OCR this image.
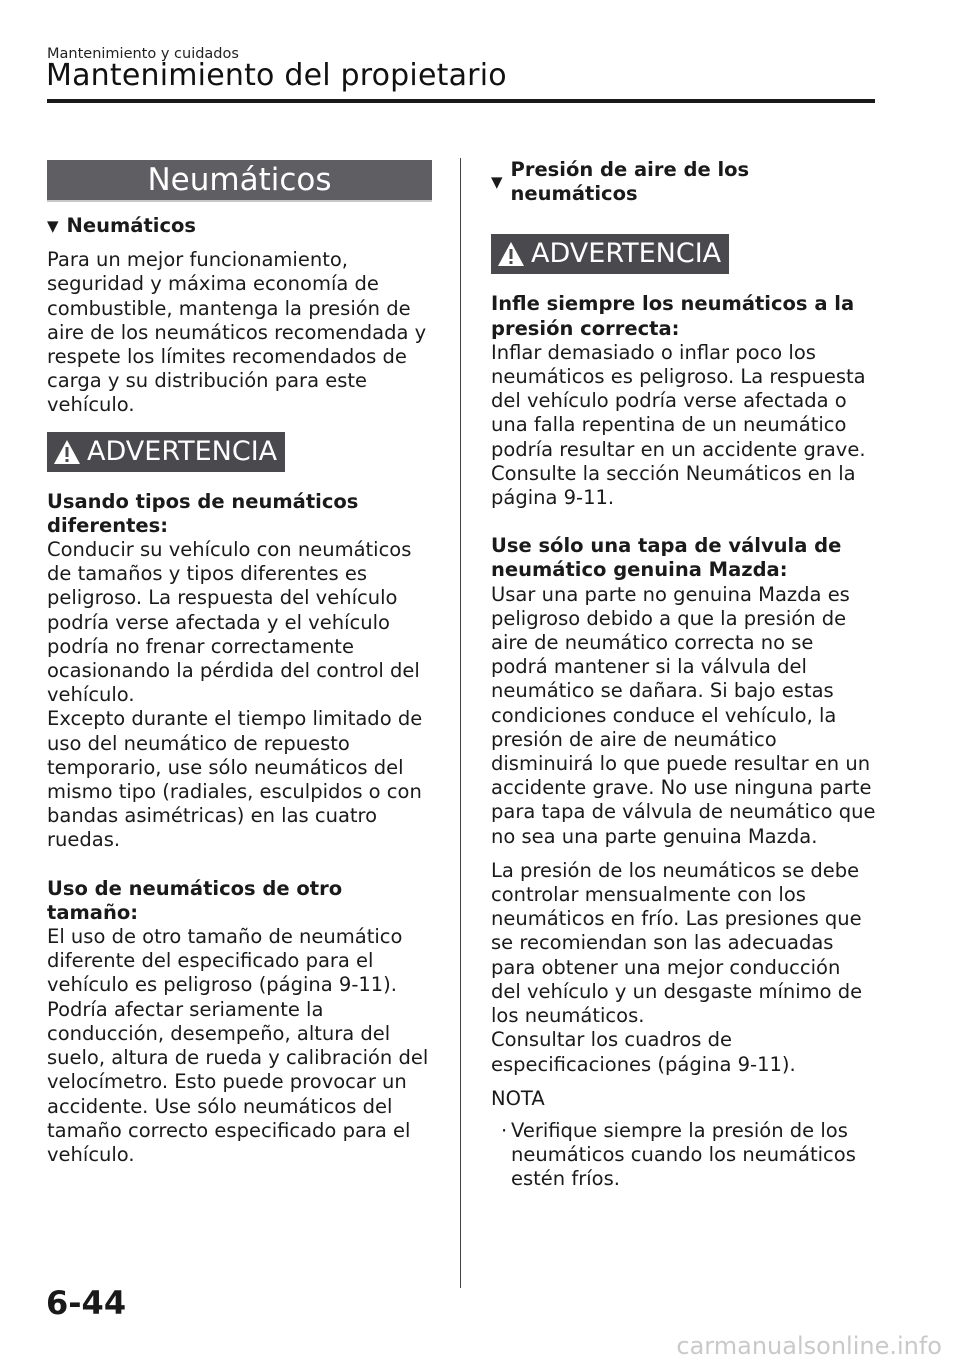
Mantenimiento y cuidados
Mantenimiento del propietario
Neumáticos
▼ Neumáticos

Para un mejor funcionamiento, seguridad y máxima economía de combustible, mantenga la presión de aire de los neumáticos recomendada y respete los límites recomendados de carga y su distribución para este vehículo.

ADVERTENCIA

Usando tipos de neumáticos diferentes:

Conducir su vehículo con neumáticos de tamaños y tipos diferentes es peligroso. La respuesta del vehículo podría verse afectada y el vehículo podría no frenar correctamente ocasionando la pérdida del control del vehículo.

Excepto durante el tiempo limitado de uso del neumático de repuesto temporario, use sólo neumáticos del mismo tipo (radiales, esculpidos o con bandas asimétricas) en las cuatro ruedas.

Uso de neumáticos de otro tamaño:

El uso de otro tamaño de neumático diferente del especificado para el vehículo es peligroso (página 9-11). Podría afectar seriamente la conducción, desempeño, altura del suelo, altura de rueda y calibración del velocímetro. Esto puede provocar un accidente. Use sólo neumáticos del tamaño correcto especificado para el vehículo.

▼
Presión de aire de los neumáticos
ADVERTENCIA

Infle siempre los neumáticos a la presión correcta:

Inflar demasiado o inflar poco los neumáticos es peligroso. La respuesta del vehículo podría verse afectada o una falla repentina de un neumático podría resultar en un accidente grave. Consulte la sección Neumáticos en la página 9-11.

Use sólo una tapa de válvula de neumático genuina Mazda:

Usar una parte no genuina Mazda es peligroso debido a que la presión de aire de neumático correcta no se podrá mantener si la válvula del neumático se dañara. Si bajo estas condiciones conduce el vehículo, la presión de aire de neumático disminuirá lo que puede resultar en un accidente grave. No use ninguna parte para tapa de válvula de neumático que no sea una parte genuina Mazda.

La presión de los neumáticos se debe controlar mensualmente con los neumáticos en frío. Las presiones que se recomiendan son las adecuadas para obtener una mejor conducción del vehículo y un desgaste mínimo de los neumáticos.

Consultar los cuadros de especificaciones (página 9-11).

NOTA

· Verifique siempre la presión de los neumáticos cuando los neumáticos estén fríos.
6-44
carmanualsonline.info
